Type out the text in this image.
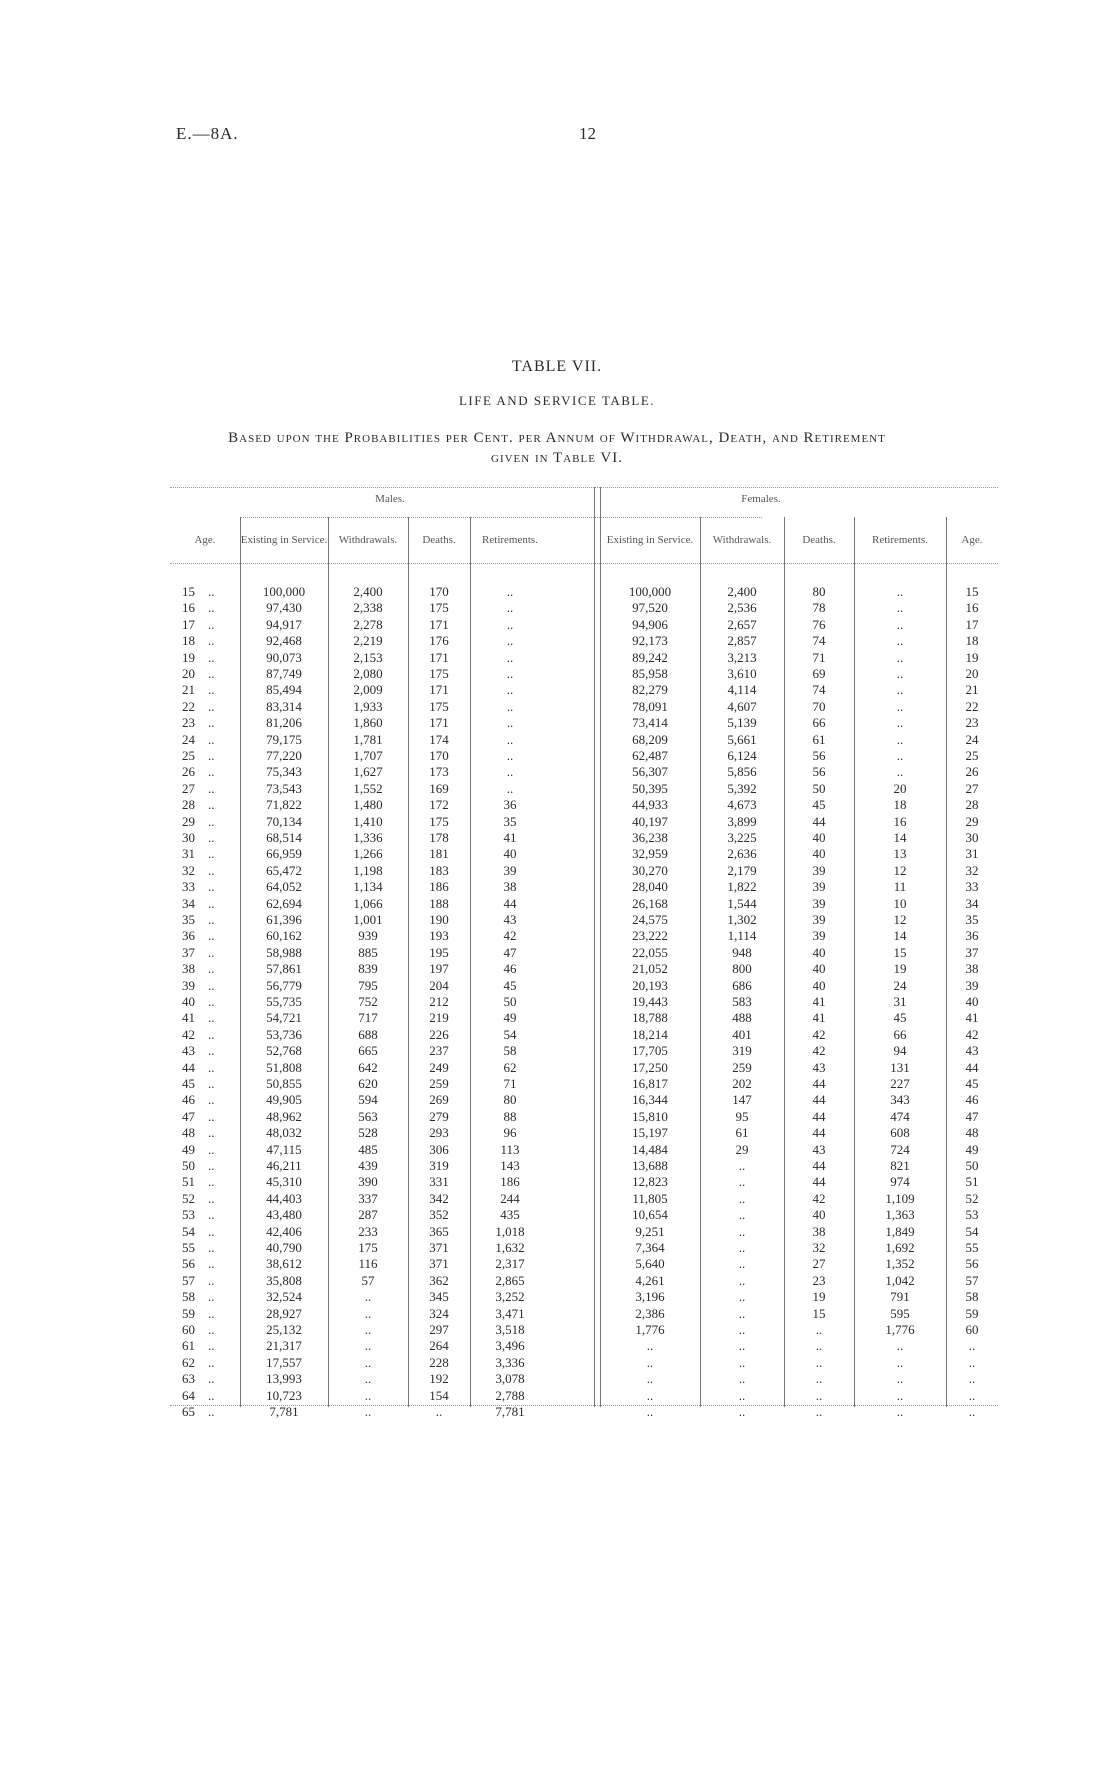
E.—8A.	12
TABLE VII.
LIFE AND SERVICE TABLE.
Based upon the Probabilities per Cent. per Annum of Withdrawal, Death, and Retirement
given in Table VI.
Males.	Females.
Age.	Existing in Service.	Withdrawals.	Deaths.	Retirements.	Existing in Service.	Withdrawals.	Deaths.	Retirements.	Age.
15	..	100,000	2,400	170	..	100,000	2,400	80	..	15
16	..	97,430	2,338	175	..	97,520	2,536	78	..	16
17	..	94,917	2,278	171	..	94,906	2,657	76	..	17
18	..	92,468	2,219	176	..	92,173	2,857	74	..	18
19	..	90,073	2,153	171	..	89,242	3,213	71	..	19
20	..	87,749	2,080	175	..	85,958	3,610	69	..	20
21	..	85,494	2,009	171	..	82,279	4,114	74	..	21
22	..	83,314	1,933	175	..	78,091	4,607	70	..	22
23	..	81,206	1,860	171	..	73,414	5,139	66	..	23
24	..	79,175	1,781	174	..	68,209	5,661	61	..	24
25	..	77,220	1,707	170	..	62,487	6,124	56	..	25
26	..	75,343	1,627	173	..	56,307	5,856	56	..	26
27	..	73,543	1,552	169	..	50,395	5,392	50	20	27
28	..	71,822	1,480	172	36	44,933	4,673	45	18	28
29	..	70,134	1,410	175	35	40,197	3,899	44	16	29
30	..	68,514	1,336	178	41	36,238	3,225	40	14	30
31	..	66,959	1,266	181	40	32,959	2,636	40	13	31
32	..	65,472	1,198	183	39	30,270	2,179	39	12	32
33	..	64,052	1,134	186	38	28,040	1,822	39	11	33
34	..	62,694	1,066	188	44	26,168	1,544	39	10	34
35	..	61,396	1,001	190	43	24,575	1,302	39	12	35
36	..	60,162	939	193	42	23,222	1,114	39	14	36
37	..	58,988	885	195	47	22,055	948	40	15	37
38	..	57,861	839	197	46	21,052	800	40	19	38
39	..	56,779	795	204	45	20,193	686	40	24	39
40	..	55,735	752	212	50	19,443	583	41	31	40
41	..	54,721	717	219	49	18,788	488	41	45	41
42	..	53,736	688	226	54	18,214	401	42	66	42
43	..	52,768	665	237	58	17,705	319	42	94	43
44	..	51,808	642	249	62	17,250	259	43	131	44
45	..	50,855	620	259	71	16,817	202	44	227	45
46	..	49,905	594	269	80	16,344	147	44	343	46
47	..	48,962	563	279	88	15,810	95	44	474	47
48	..	48,032	528	293	96	15,197	61	44	608	48
49	..	47,115	485	306	113	14,484	29	43	724	49
50	..	46,211	439	319	143	13,688	..	44	821	50
51	..	45,310	390	331	186	12,823	..	44	974	51
52	..	44,403	337	342	244	11,805	..	42	1,109	52
53	..	43,480	287	352	435	10,654	..	40	1,363	53
54	..	42,406	233	365	1,018	9,251	..	38	1,849	54
55	..	40,790	175	371	1,632	7,364	..	32	1,692	55
56	..	38,612	116	371	2,317	5,640	..	27	1,352	56
57	..	35,808	57	362	2,865	4,261	..	23	1,042	57
58	..	32,524	..	345	3,252	3,196	..	19	791	58
59	..	28,927	..	324	3,471	2,386	..	15	595	59
60	..	25,132	..	297	3,518	1,776	..	..	1,776	60
61	..	21,317	..	264	3,496	..	..	..	..	..
62	..	17,557	..	228	3,336	..	..	..	..	..
63	..	13,993	..	192	3,078	..	..	..	..	..
64	..	10,723	..	154	2,788	..	..	..	..	..
65	..	7,781	..	..	7,781	..	..	..	..	..
